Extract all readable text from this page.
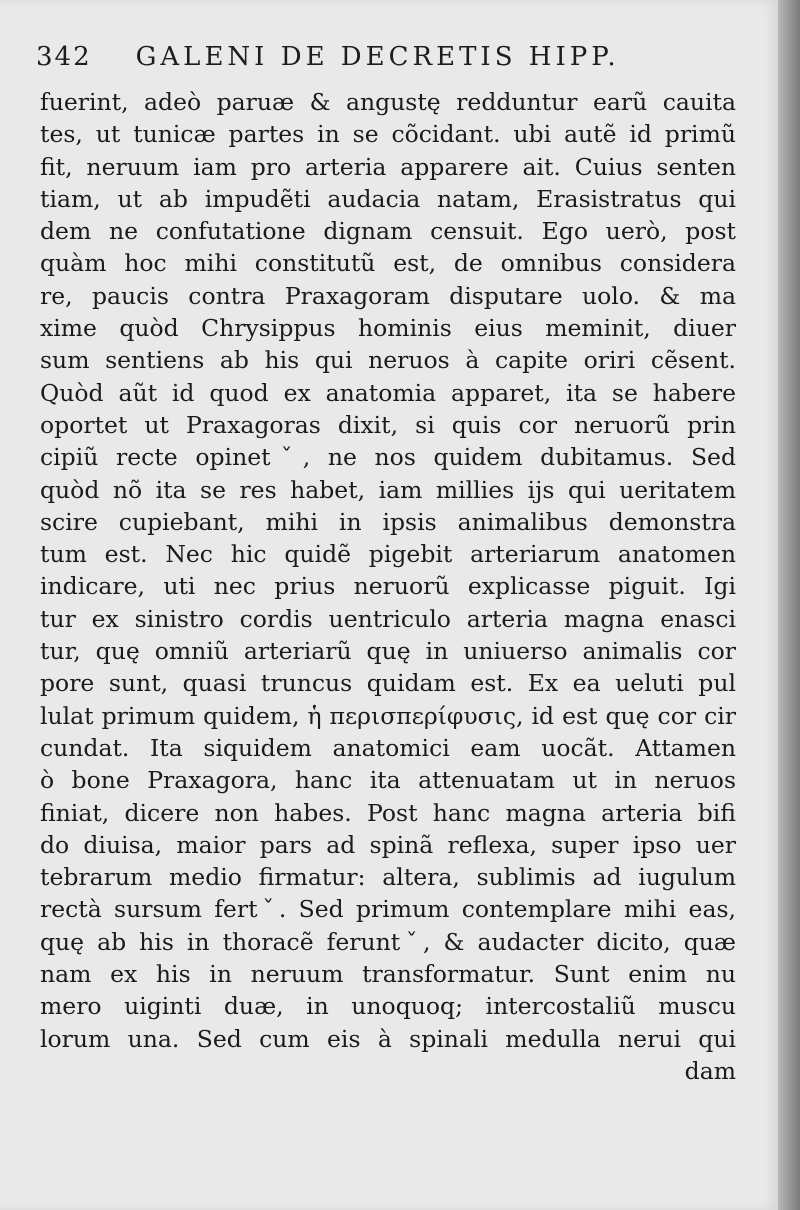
342 GALENI DE DECRETIS HIPP.
fuerint, adeò paruæ & angustę redduntur earũ cauita
tes, ut tunicæ partes in se cõcidant. ubi autẽ id primũ
fit, neruum iam pro arteria apparere ait. Cuius senten
tiam, ut ab impudẽti audacia natam, Erasistratus qui
dem ne confutatione dignam censuit. Ego uerò, post
quàm hoc mihi constitutũ est, de omnibus considera
re, paucis contra Praxagoram disputare uolo. & ma
xime quòd Chrysippus hominis eius meminit, diuer
sum sentiens ab his qui neruos à capite oriri cẽsent.
Quòd aũt id quod ex anatomia apparet, ita se habere
oportet ut Praxagoras dixit, si quis cor neruorũ prin
cipiũ recte opinetˇ, ne nos quidem dubitamus. Sed
quòd nõ ita se res habet, iam millies ijs qui ueritatem
scire cupiebant, mihi in ipsis animalibus demonstra
tum est. Nec hic quidẽ pigebit arteriarum anatomen
indicare, uti nec prius neruorũ explicasse piguit. Igi
tur ex sinistro cordis uentriculo arteria magna enasci
tur, quę omniũ arteriarũ quę in uniuerso animalis cor
pore sunt, quasi truncus quidam est. Ex ea ueluti pul
lulat primum quidem, ἡ περισπερίφυσις, id est quę cor cir
cundat. Ita siquidem anatomici eam uocãt. Attamen
ò bone Praxagora, hanc ita attenuatam ut in neruos
finiat, dicere non habes. Post hanc magna arteria bifi
do diuisa, maior pars ad spinã reflexa, super ipso uer
tebrarum medio firmatur: altera, sublimis ad iugulum
rectà sursum fertˇ. Sed primum contemplare mihi eas,
quę ab his in thoracẽ feruntˇ, & audacter dicito, quæ
nam ex his in neruum transformatur. Sunt enim nu
mero uiginti duæ, in unoquoq; intercostaliũ muscu
lorum una. Sed cum eis à spinali medulla nerui qui
dam
